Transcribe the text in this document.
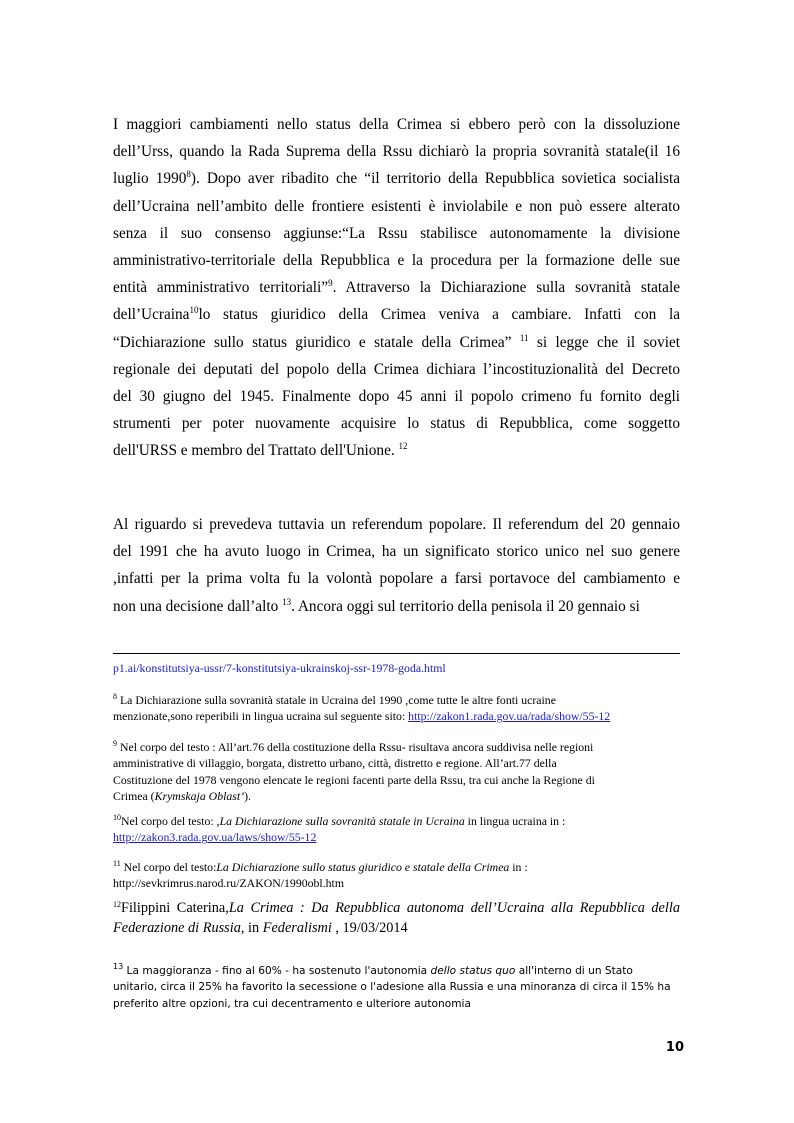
I maggiori cambiamenti nello status della Crimea si ebbero però con la dissoluzione
dell’Urss, quando la Rada Suprema della Rssu dichiarò la propria sovranità statale(il 16
luglio 1990$^8$). Dopo aver ribadito che “il territorio della Repubblica sovietica socialista
dell’Ucraina nell’ambito delle frontiere esistenti è inviolabile e non può essere alterato
senza il suo consenso aggiunse:“La Rssu stabilisce autonomamente la divisione
amministrativo-territoriale della Repubblica e la procedura per la formazione delle sue
entità amministrativo territoriali”$^9$. Attraverso la Dichiarazione sulla sovranità statale
dell’Ucraina$^{10}$lo status giuridico della Crimea veniva a cambiare. Infatti con la
“Dichiarazione sullo status giuridico e statale della Crimea” $^{11}$ si legge che il soviet
regionale dei deputati del popolo della Crimea dichiara l’incostituzionalità del Decreto
del 30 giugno del 1945. Finalmente dopo 45 anni il popolo crimeno fu fornito degli
strumenti per poter nuovamente acquisire lo status di Repubblica, come soggetto
dell'URSS e membro del Trattato dell'Unione. $^{12}$
Al riguardo si prevedeva tuttavia un referendum popolare. Il referendum del 20 gennaio
del 1991 che ha avuto luogo in Crimea, ha un significato storico unico nel suo genere
,infatti per la prima volta fu la volontà popolare a farsi portavoce del cambiamento e
non una decisione dall’alto $^{13}$. Ancora oggi sul territorio della penisola il 20 gennaio si
p1.ai/konstitutsiya-ussr/7-konstitutsiya-ukrainskoj-ssr-1978-goda.html
$^8$ La Dichiarazione sulla sovranità statale in Ucraina del 1990 ,come tutte le altre fonti ucraine
menzionate,sono reperibili in lingua ucraina sul seguente sito: http://zakon1.rada.gov.ua/rada/show/55-12
$^9$ Nel corpo del testo : All’art.76 della costituzione della Rssu- risultava ancora suddivisa nelle regioni
amministrative di villaggio, borgata, distretto urbano, città, distretto e regione. All’art.77 della
Costituzione del 1978 vengono elencate le regioni facenti parte della Rssu, tra cui anche la Regione di
Crimea (Krymskaja Oblast’).
$^{10}$Nel corpo del testo: ,La Dichiarazione sulla sovranità statale in Ucraina in lingua ucraina in :
http://zakon3.rada.gov.ua/laws/show/55-12
$^{11}$ Nel corpo del testo:La Dichiarazione sullo status giuridico e statale della Crimea in :
http://sevkrimrus.narod.ru/ZAKON/1990obl.htm
$^{12}$Filippini Caterina,La Crimea : Da Repubblica autonoma dell’Ucraina alla Repubblica della
Federazione di Russia, in Federalismi , 19/03/2014
$^{13}$ La maggioranza - fino al 60% - ha sostenuto l'autonomia dello status quo all'interno di un Stato
unitario, circa il 25% ha favorito la secessione o l'adesione alla Russia e una minoranza di circa il 15% ha
preferito altre opzioni, tra cui decentramento e ulteriore autonomia
10
